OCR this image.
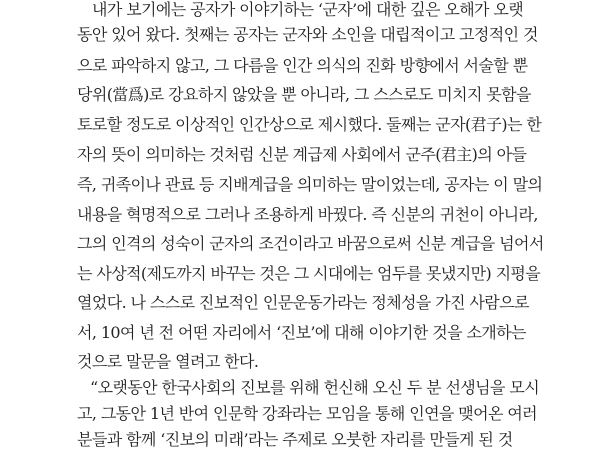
내가 보기에는 공자가 이야기하는 ‘군자’에 대한 깊은 오해가 오랫
동안 있어 왔다. 첫째는 공자는 군자와 소인을 대립적이고 고정적인 것
으로 파악하지 않고, 그 다름을 인간 의식의 진화 방향에서 서술할 뿐
당위(當爲)로 강요하지 않았을 뿐 아니라, 그 스스로도 미치지 못함을
토로할 정도로 이상적인 인간상으로 제시했다. 둘째는 군자(君子)는 한
자의 뜻이 의미하는 것처럼 신분 계급제 사회에서 군주(君主)의 아들
즉, 귀족이나 관료 등 지배계급을 의미하는 말이었는데, 공자는 이 말의
내용을 혁명적으로 그러나 조용하게 바꿨다. 즉 신분의 귀천이 아니라,
그의 인격의 성숙이 군자의 조건이라고 바꿈으로써 신분 계급을 넘어서
는 사상적(제도까지 바꾸는 것은 그 시대에는 엄두를 못냈지만) 지평을
열었다. 나 스스로 진보적인 인문운동가라는 정체성을 가진 사람으로
서, 10여 년 전 어떤 자리에서 ‘진보’에 대해 이야기한 것을 소개하는
것으로 말문을 열려고 한다.
“오랫동안 한국사회의 진보를 위해 헌신해 오신 두 분 선생님을 모시
고, 그동안 1년 반여 인문학 강좌라는 모임을 통해 인연을 맺어온 여러
분들과 함께 ‘진보의 미래’라는 주제로 오붓한 자리를 만들게 된 것
